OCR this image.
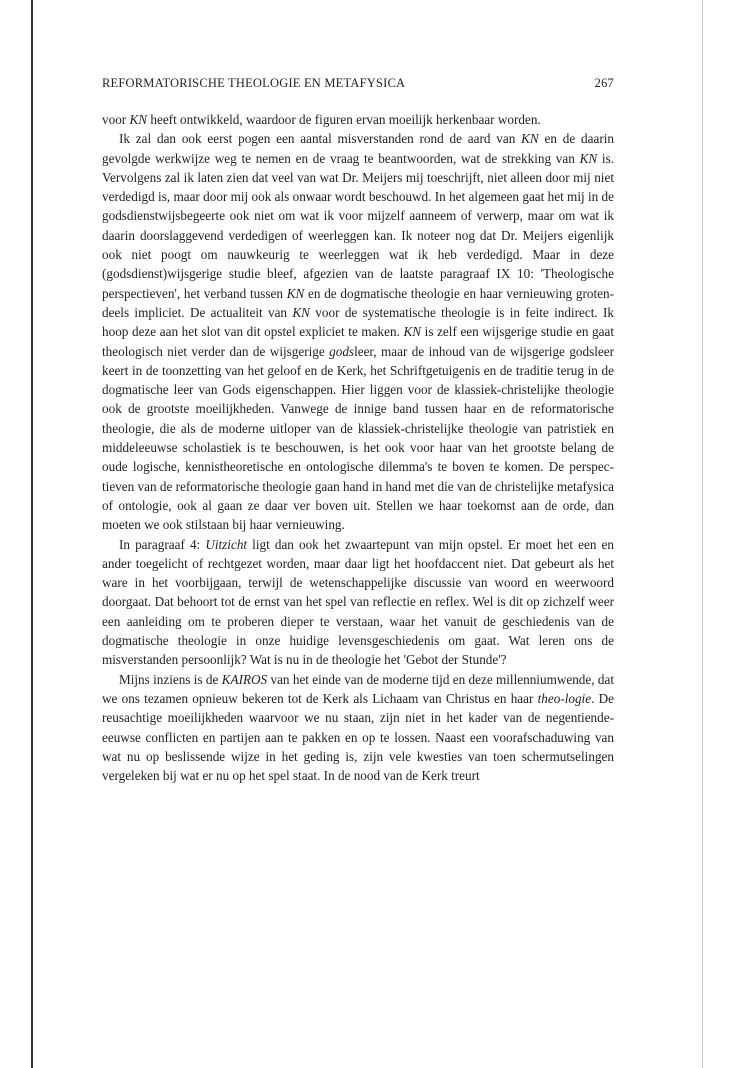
REFORMATORISCHE THEOLOGIE EN METAFYSICA	267

voor KN heeft ontwikkeld, waardoor de figuren ervan moeilijk herkenbaar worden.

Ik zal dan ook eerst pogen een aantal misverstanden rond de aard van KN en de daarin gevolgde werkwijze weg te nemen en de vraag te beantwoorden, wat de strekking van KN is. Vervolgens zal ik laten zien dat veel van wat Dr. Meijers mij toeschrijft, niet alleen door mij niet verdedigd is, maar door mij ook als onwaar wordt beschouwd. In het algemeen gaat het mij in de godsdienstwijsbegeerte ook niet om wat ik voor mijzelf aanneem of verwerp, maar om wat ik daarin doorslaggevend verdedigen of weerleggen kan. Ik noteer nog dat Dr. Meijers eigenlijk ook niet poogt om nauwkeurig te weerleggen wat ik heb verdedigd. Maar in deze (godsdienst)wijsgerige studie bleef, afgezien van de laatste paragraaf IX 10: 'Theologische perspectieven', het verband tussen KN en de dogmatische theologie en haar vernieuwing grotendeels impliciet. De actualiteit van KN voor de systematische theologie is in feite indirect. Ik hoop deze aan het slot van dit opstel expliciet te maken. KN is zelf een wijsgerige studie en gaat theologisch niet verder dan de wijsgerige godsleer, maar de inhoud van de wijsgerige godsleer keert in de toonzetting van het geloof en de Kerk, het Schriftgetuigenis en de traditie terug in de dogmatische leer van Gods eigenschappen. Hier liggen voor de klassiek-christelijke theologie ook de grootste moeilijkheden. Vanwege de innige band tussen haar en de reformatorische theologie, die als de moderne uitloper van de klassiek-christelijke theologie van patristiek en middeleeuwse scholastiek is te beschouwen, is het ook voor haar van het grootste belang de oude logische, kennistheoretische en ontologische dilemma's te boven te komen. De perspectieven van de reformatorische theologie gaan hand in hand met die van de christelijke metafysica of ontologie, ook al gaan ze daar ver boven uit. Stellen we haar toekomst aan de orde, dan moeten we ook stilstaan bij haar vernieuwing.

In paragraaf 4: Uitzicht ligt dan ook het zwaartepunt van mijn opstel. Er moet het een en ander toegelicht of rechtgezet worden, maar daar ligt het hoofdaccent niet. Dat gebeurt als het ware in het voorbijgaan, terwijl de wetenschappelijke discussie van woord en weerwoord doorgaat. Dat behoort tot de ernst van het spel van reflectie en reflex. Wel is dit op zichzelf weer een aanleiding om te proberen dieper te verstaan, waar het vanuit de geschiedenis van de dogmatische theologie in onze huidige levensgeschiedenis om gaat. Wat leren ons de misverstanden persoonlijk? Wat is nu in de theologie het 'Gebot der Stunde'?

Mijns inziens is de KAIROS van het einde van de moderne tijd en deze millenniumwende, dat we ons tezamen opnieuw bekeren tot de Kerk als Lichaam van Christus en haar theo-logie. De reusachtige moeilijkheden waarvoor we nu staan, zijn niet in het kader van de negentiende-eeuwse conflicten en partijen aan te pakken en op te lossen. Naast een voorafschaduwing van wat nu op beslissende wijze in het geding is, zijn vele kwesties van toen schermutselingen vergeleken bij wat er nu op het spel staat. In de nood van de Kerk treurt
